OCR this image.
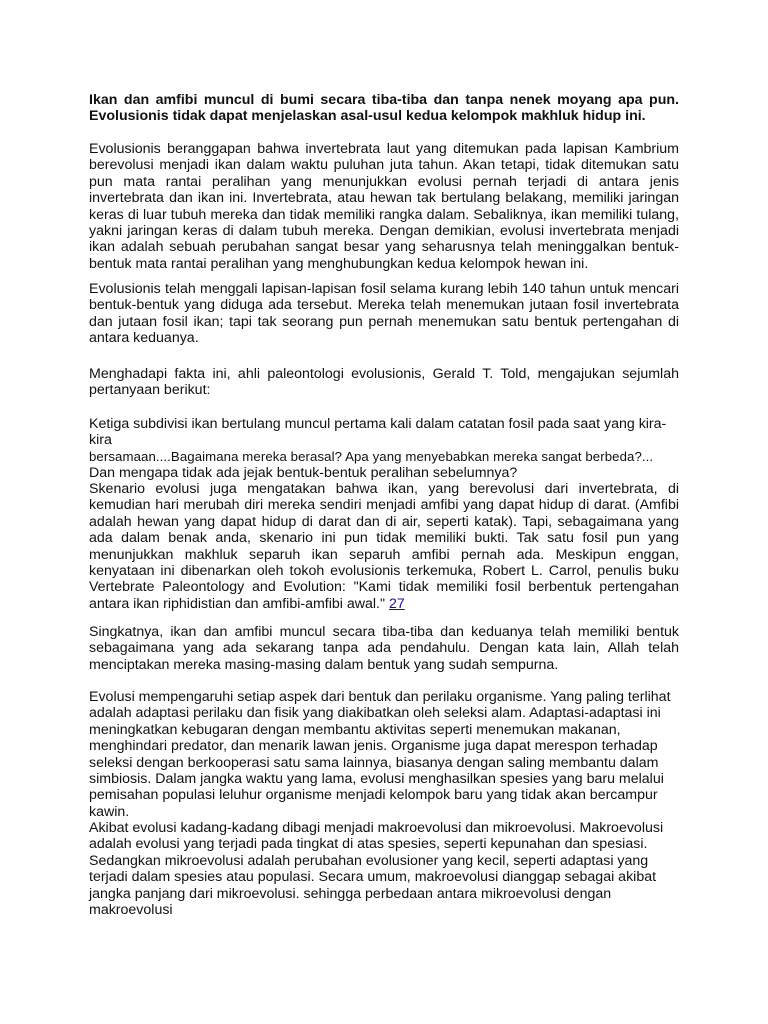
Ikan dan amfibi muncul di bumi secara tiba-tiba dan tanpa nenek moyang apa pun. Evolusionis tidak dapat menjelaskan asal-usul kedua kelompok makhluk hidup ini.

Evolusionis beranggapan bahwa invertebrata laut yang ditemukan pada lapisan Kambrium berevolusi menjadi ikan dalam waktu puluhan juta tahun. Akan tetapi, tidak ditemukan satu pun mata rantai peralihan yang menunjukkan evolusi pernah terjadi di antara jenis invertebrata dan ikan ini. Invertebrata, atau hewan tak bertulang belakang, memiliki jaringan keras di luar tubuh mereka dan tidak memiliki rangka dalam. Sebaliknya, ikan memiliki tulang, yakni jaringan keras di dalam tubuh mereka. Dengan demikian, evolusi invertebrata menjadi ikan adalah sebuah perubahan sangat besar yang seharusnya telah meninggalkan bentuk-bentuk mata rantai peralihan yang menghubungkan kedua kelompok hewan ini.

Evolusionis telah menggali lapisan-lapisan fosil selama kurang lebih 140 tahun untuk mencari bentuk-bentuk yang diduga ada tersebut. Mereka telah menemukan jutaan fosil invertebrata dan jutaan fosil ikan; tapi tak seorang pun pernah menemukan satu bentuk pertengahan di antara keduanya.

Menghadapi fakta ini, ahli paleontologi evolusionis, Gerald T. Told, mengajukan sejumlah pertanyaan berikut:

Ketiga subdivisi ikan bertulang muncul pertama kali dalam catatan fosil pada saat yang kira-kira
bersamaan....Bagaimana mereka berasal? Apa yang menyebabkan mereka sangat berbeda?...
Dan mengapa tidak ada jejak bentuk-bentuk peralihan sebelumnya?

Skenario evolusi juga mengatakan bahwa ikan, yang berevolusi dari invertebrata, di kemudian hari merubah diri mereka sendiri menjadi amfibi yang dapat hidup di darat. (Amfibi adalah hewan yang dapat hidup di darat dan di air, seperti katak). Tapi, sebagaimana yang ada dalam benak anda, skenario ini pun tidak memiliki bukti. Tak satu fosil pun yang menunjukkan makhluk separuh ikan separuh amfibi pernah ada. Meskipun enggan, kenyataan ini dibenarkan oleh tokoh evolusionis terkemuka, Robert L. Carrol, penulis buku Vertebrate Paleontology and Evolution: "Kami tidak memiliki fosil berbentuk pertengahan antara ikan riphidistian dan amfibi-amfibi awal." 27

Singkatnya, ikan dan amfibi muncul secara tiba-tiba dan keduanya telah memiliki bentuk sebagaimana yang ada sekarang tanpa ada pendahulu. Dengan kata lain, Allah telah menciptakan mereka masing-masing dalam bentuk yang sudah sempurna.

Evolusi mempengaruhi setiap aspek dari bentuk dan perilaku organisme. Yang paling terlihat adalah adaptasi perilaku dan fisik yang diakibatkan oleh seleksi alam. Adaptasi-adaptasi ini meningkatkan kebugaran dengan membantu aktivitas seperti menemukan makanan, menghindari predator, dan menarik lawan jenis. Organisme juga dapat merespon terhadap seleksi dengan berkooperasi satu sama lainnya, biasanya dengan saling membantu dalam simbiosis. Dalam jangka waktu yang lama, evolusi menghasilkan spesies yang baru melalui pemisahan populasi leluhur organisme menjadi kelompok baru yang tidak akan bercampur kawin.

Akibat evolusi kadang-kadang dibagi menjadi makroevolusi dan mikroevolusi. Makroevolusi adalah evolusi yang terjadi pada tingkat di atas spesies, seperti kepunahan dan spesiasi. Sedangkan mikroevolusi adalah perubahan evolusioner yang kecil, seperti adaptasi yang terjadi dalam spesies atau populasi. Secara umum, makroevolusi dianggap sebagai akibat jangka panjang dari mikroevolusi. sehingga perbedaan antara mikroevolusi dengan makroevolusi
